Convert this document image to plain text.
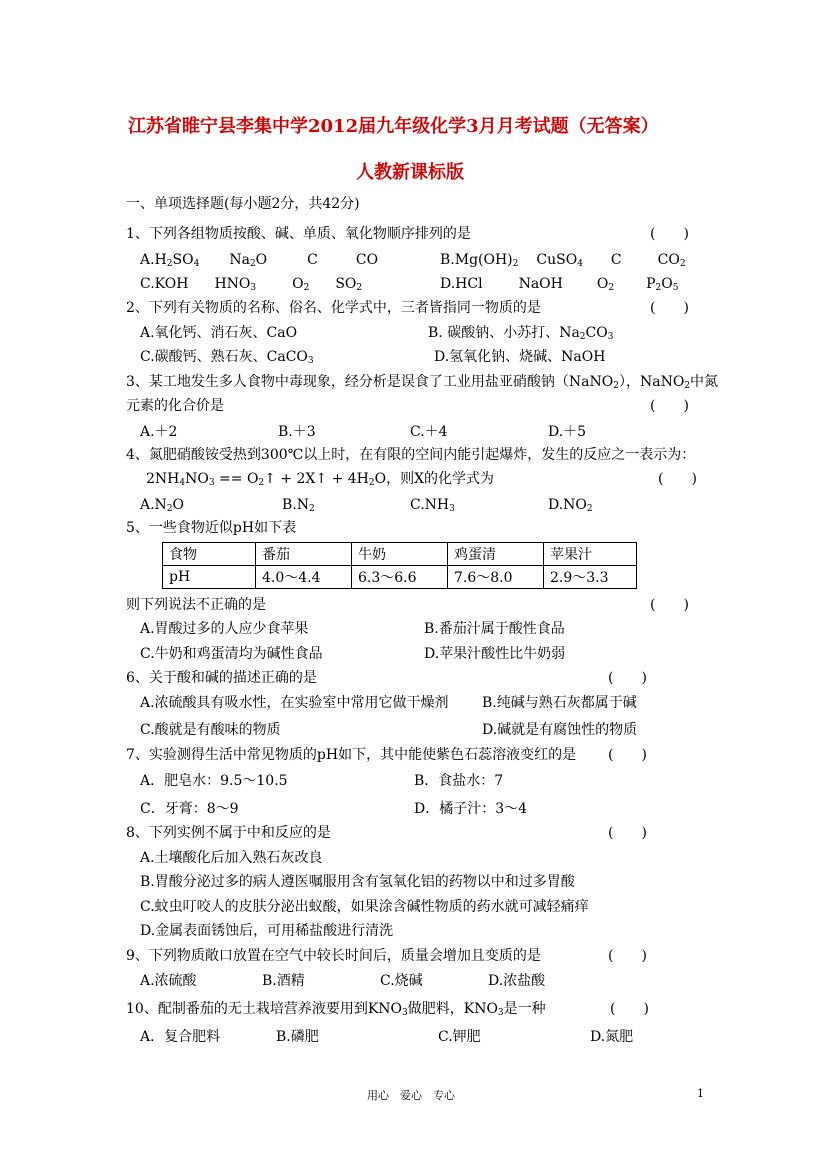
江苏省睢宁县李集中学2012届九年级化学3月月考试题（无答案）
人教新课标版
一、单项选择题(每小题2分，共42分)
1、下列各组物质按酸、碱、单质、氧化物顺序排列的是	(　　)
$A.H_2SO_4$ $Na_2O$	C	CO	$B.Mg(OH)_2$ CuSO$_4$ C	$CO_2$
C.KOH $HNO_3$	$O_2$ $SO_2$	D.HCl	NaOH $O_2$ $P_2O_5$
2、下列有关物质的名称、俗名、化学式中，三者皆指同一物质的是	(　　)
A.氧化钙、消石灰、CaO	B. 碳酸钠、小苏打、$Na_2CO_3$
C.碳酸钙、熟石灰、CaCO$_3$	D.氢氧化钠、烧碱、NaOH
3、某工地发生多人食物中毒现象，经分析是误食了工业用盐亚硝酸钠（NaNO$_2$），NaNO$_2$中氮
元素的化合价是	(　　)
A.＋2	B.＋3	C.＋4	D.＋5
4、氮肥硝酸铵受热到300℃以上时，在有限的空间内能引起爆炸，发生的反应之一表示为：
$2NH_4NO_3$ == $O_2↑$ + 2X↑ + $4H_2O$，则X的化学式为	(　　)
$A.N_2O$	$B.N_2$	$C.NH_3$	$D.NO_2$
5、一些食物近似pH如下表
食物	番茄	牛奶	鸡蛋清	苹果汁
pH	4.0～4.4	6.3～6.6	7.6～8.0	2.9～3.3
则下列说法不正确的是	(　　)
A.胃酸过多的人应少食苹果	B.番茄汁属于酸性食品
C.牛奶和鸡蛋清均为碱性食品	D.苹果汁酸性比牛奶弱
6、关于酸和碱的描述正确的是	(　　)
A.浓硫酸具有吸水性，在实验室中常用它做干燥剂 B.纯碱与熟石灰都属于碱
C.酸就是有酸味的物质	D.碱就是有腐蚀性的物质
7、实验测得生活中常见物质的pH如下，其中能使紫色石蕊溶液变红的是 (　　)
A．肥皂水：9.5～10.5	B．食盐水：7
C．牙膏：8～9	D．橘子汁：3～4
8、下列实例不属于中和反应的是	(　　)
A.土壤酸化后加入熟石灰改良
B.胃酸分泌过多的病人遵医嘱服用含有氢氧化铝的药物以中和过多胃酸
C.蚊虫叮咬人的皮肤分泌出蚁酸，如果涂含碱性物质的药水就可减轻痛痒
D.金属表面锈蚀后，可用稀盐酸进行清洗
9、下列物质敞口放置在空气中较长时间后，质量会增加且变质的是	(　　)
A.浓硫酸	B.酒精	C.烧碱	D.浓盐酸
10、配制番茄的无土栽培营养液要用到$KNO_3$做肥料，$KNO_3$是一种	(　　)
A．复合肥料	B.磷肥	C.钾肥	D.氮肥
用心　爱心　专心	1
